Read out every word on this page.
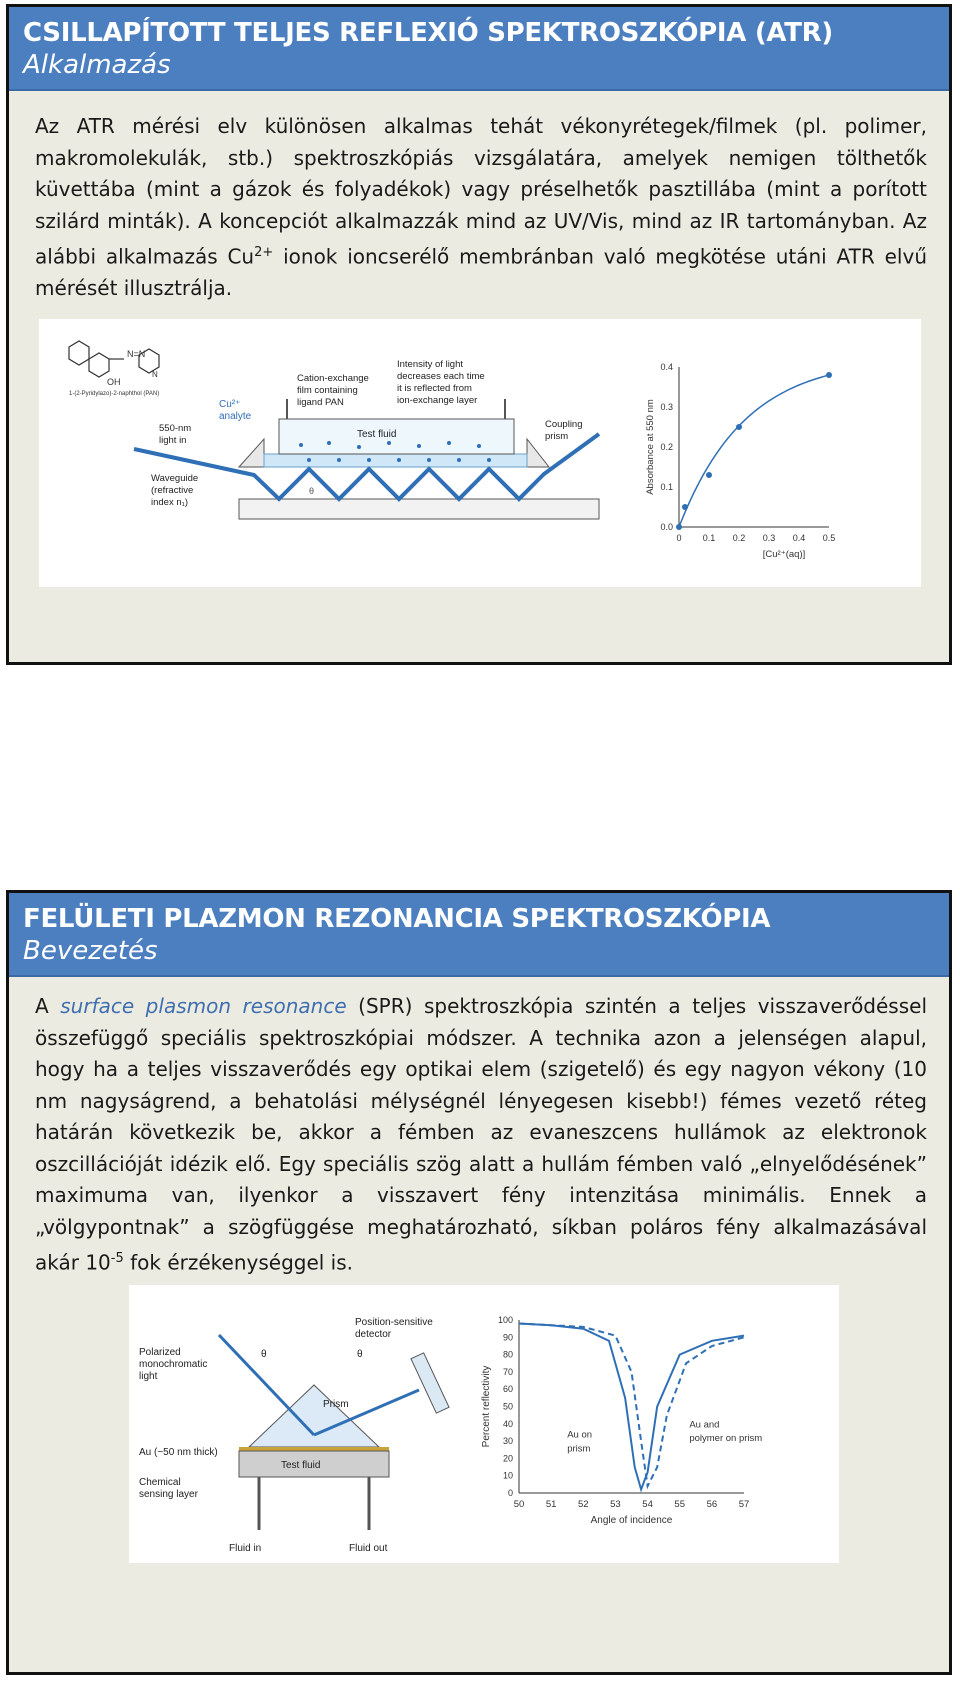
CSILLAPÍTOTT TELJES REFLEXIÓ SPEKTROSZKÓPIA (ATR)
Alkalmazás
Az ATR mérési elv különösen alkalmas tehát vékonyrétegek/filmek (pl. polimer, makromolekulák, stb.) spektroszkópiás vizsgálatára, amelyek nemigen tölthetők küvettába (mint a gázok és folyadékok) vagy préselhetők pasztillába (mint a porított szilárd minták). A koncepciót alkalmazzák mind az UV/Vis, mind az IR tartományban. Az alábbi alkalmazás $Cu^{2+}$ ionok ioncserélő membránban való megkötése utáni ATR elvű mérését illusztrálja.
N=N
OH
N
1-(2-Pyridylazo)-2-naphthol (PAN)
Cu²⁺
analyte
Cation-exchange
film containing
ligand PAN
Intensity of light
decreases each time
it is reflected from
ion-exchange layer
550-nm
light in
Coupling
prism
Waveguide
(refractive
index n₁)
Test fluid
θ
0.0
0.1
0.2
0.3
0.4
0 0.1 0.2 0.3 0.4 0.5
[Cu²⁺(aq)]
Absorbance at 550 nm
FELÜLETI PLAZMON REZONANCIA SPEKTROSZKÓPIA
Bevezetés
A surface plasmon resonance (SPR) spektroszkópia szintén a teljes visszaverődéssel összefüggő speciális spektroszkópiai módszer. A technika azon a jelenségen alapul, hogy ha a teljes visszaverődés egy optikai elem (szigetelő) és egy nagyon vékony (10 nm nagyságrend, a behatolási mélységnél lényegesen kisebb!) fémes vezető réteg határán következik be, akkor a fémben az evaneszcens hullámok az elektronok oszcillációját idézik elő. Egy speciális szög alatt a hullám fémben való „elnyelődésének” maximuma van, ilyenkor a visszavert fény intenzitása minimális. Ennek a „völgypontnak” a szögfüggése meghatározható, síkban poláros fény alkalmazásával akár $10^{-5}$ fok érzékenységgel is.
Polarized
monochromatic
light
Position-sensitive
detector
Prism
θ	θ
Test fluid
Au (~50 nm thick)
Chemical
sensing layer
Fluid in	Fluid out
0
10
20
30
40
50
60
70
80
90
100
50 51 52 53 54 55 56 57
Angle of incidence
Percent reflectivity	Au on
prism
Au and
polymer on prism
